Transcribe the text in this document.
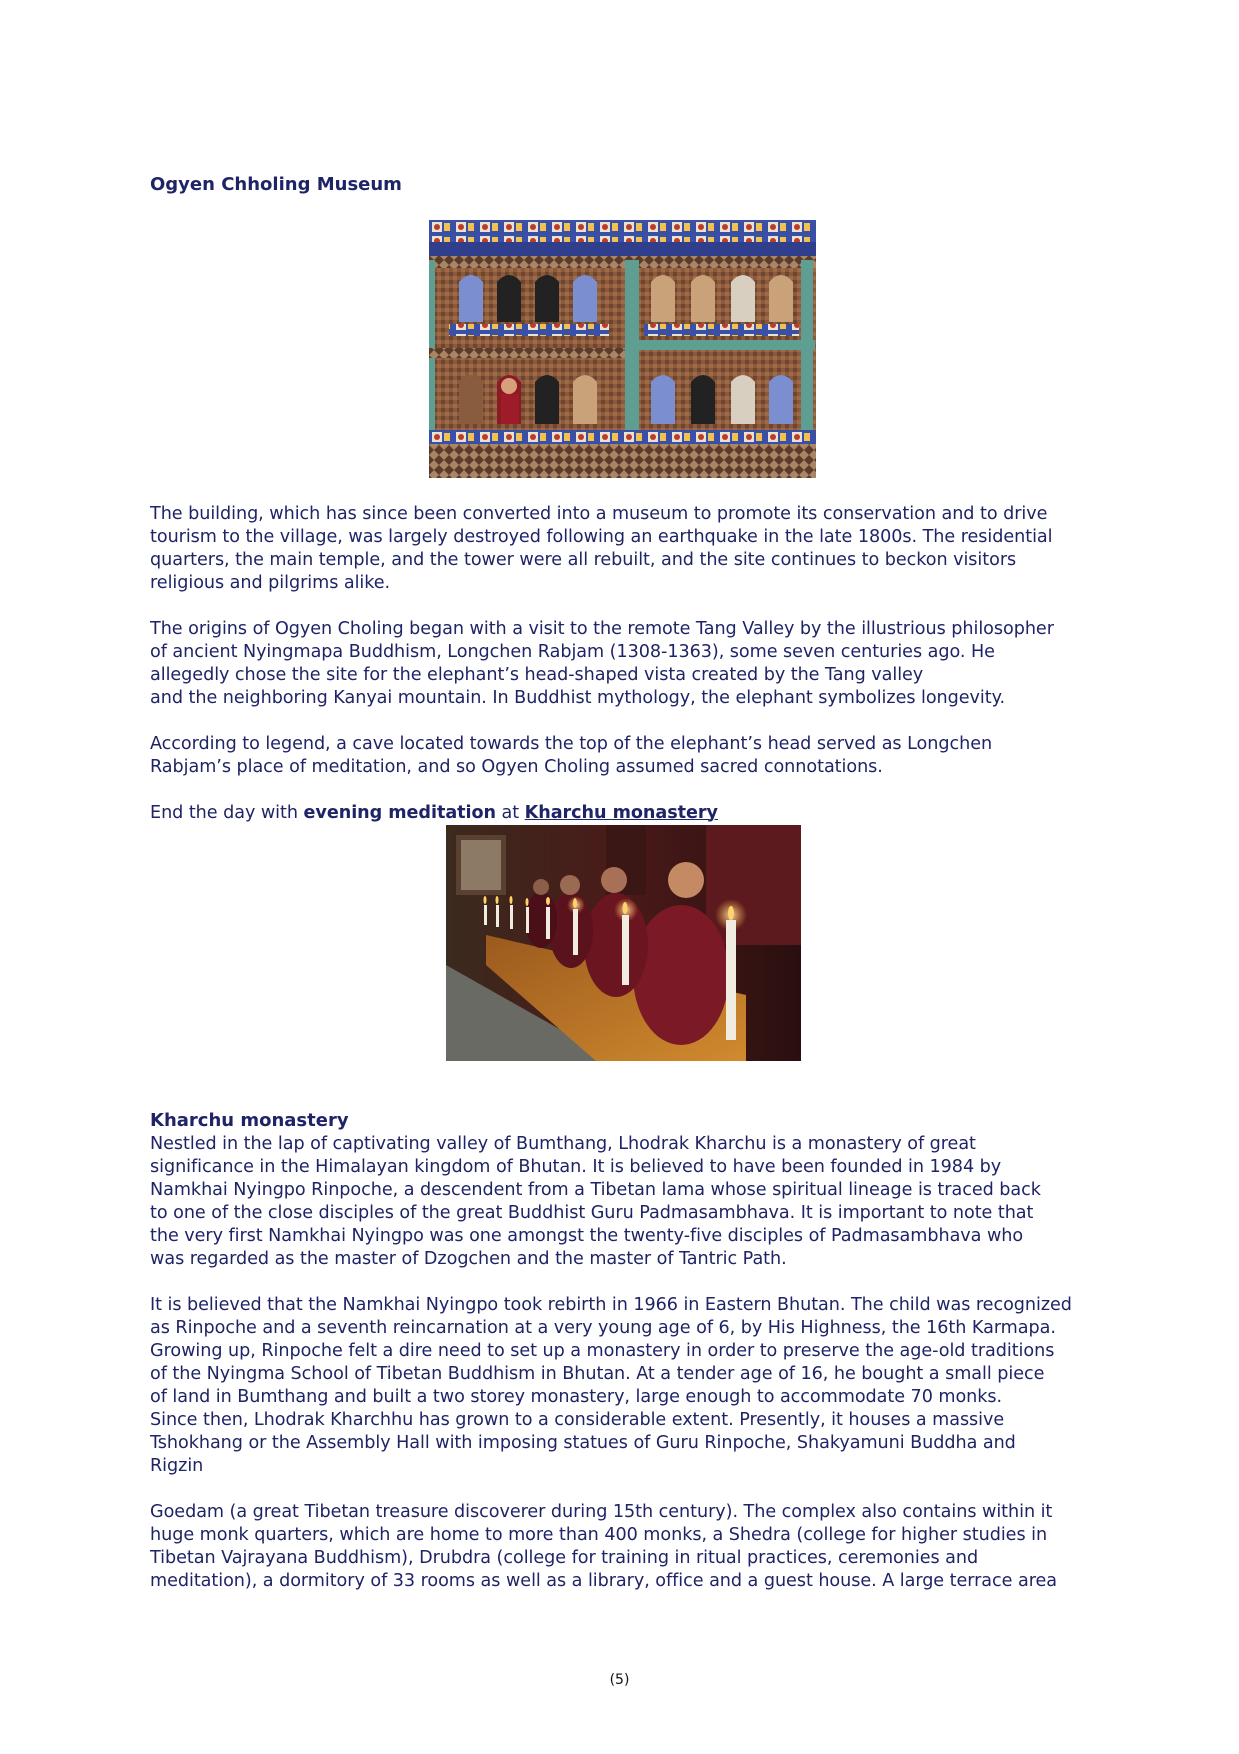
Ogyen Chholing Museum

The building, which has since been converted into a museum to promote its conservation and to drive
tourism to the village, was largely destroyed following an earthquake in the late 1800s. The residential
quarters, the main temple, and the tower were all rebuilt, and the site continues to beckon visitors
religious and pilgrims alike.

The origins of Ogyen Choling began with a visit to the remote Tang Valley by the illustrious philosopher
of ancient Nyingmapa Buddhism, Longchen Rabjam (1308-1363), some seven centuries ago. He
allegedly chose the site for the elephant’s head-shaped vista created by the Tang valley
and the neighboring Kanyai mountain. In Buddhist mythology, the elephant symbolizes longevity.

According to legend, a cave located towards the top of the elephant’s head served as Longchen
Rabjam’s place of meditation, and so Ogyen Choling assumed sacred connotations.

End the day with evening meditation at Kharchu monastery

Kharchu monastery

Nestled in the lap of captivating valley of Bumthang, Lhodrak Kharchu is a monastery of great
significance in the Himalayan kingdom of Bhutan. It is believed to have been founded in 1984 by
Namkhai Nyingpo Rinpoche, a descendent from a Tibetan lama whose spiritual lineage is traced back
to one of the close disciples of the great Buddhist Guru Padmasambhava. It is important to note that
the very first Namkhai Nyingpo was one amongst the twenty-five disciples of Padmasambhava who
was regarded as the master of Dzogchen and the master of Tantric Path.

It is believed that the Namkhai Nyingpo took rebirth in 1966 in Eastern Bhutan. The child was recognized
as Rinpoche and a seventh reincarnation at a very young age of 6, by His Highness, the 16th Karmapa.
Growing up, Rinpoche felt a dire need to set up a monastery in order to preserve the age-old traditions
of the Nyingma School of Tibetan Buddhism in Bhutan. At a tender age of 16, he bought a small piece
of land in Bumthang and built a two storey monastery, large enough to accommodate 70 monks.
Since then, Lhodrak Kharchhu has grown to a considerable extent. Presently, it houses a massive
Tshokhang or the Assembly Hall with imposing statues of Guru Rinpoche, Shakyamuni Buddha and
Rigzin

Goedam (a great Tibetan treasure discoverer during 15th century). The complex also contains within it
huge monk quarters, which are home to more than 400 monks, a Shedra (college for higher studies in
Tibetan Vajrayana Buddhism), Drubdra (college for training in ritual practices, ceremonies and
meditation), a dormitory of 33 rooms as well as a library, office and a guest house. A large terrace area

(5)
